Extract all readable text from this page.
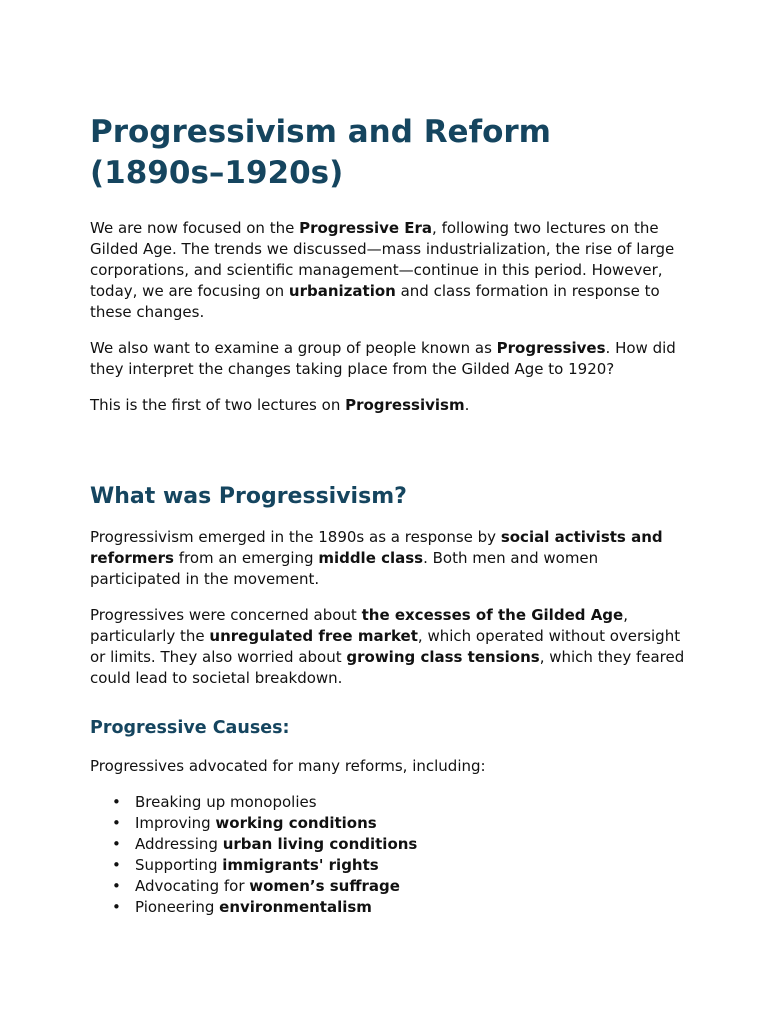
Progressivism and Reform (1890s–1920s)

We are now focused on the Progressive Era, following two lectures on the Gilded Age. The trends we discussed—mass industrialization, the rise of large corporations, and scientific management—continue in this period. However, today, we are focusing on urbanization and class formation in response to these changes.

We also want to examine a group of people known as Progressives. How did they interpret the changes taking place from the Gilded Age to 1920?

This is the first of two lectures on Progressivism.

What was Progressivism?

Progressivism emerged in the 1890s as a response by social activists and reformers from an emerging middle class. Both men and women participated in the movement.

Progressives were concerned about the excesses of the Gilded Age, particularly the unregulated free market, which operated without oversight or limits. They also worried about growing class tensions, which they feared could lead to societal breakdown.

Progressive Causes:

Progressives advocated for many reforms, including:

• Breaking up monopolies
• Improving working conditions
• Addressing urban living conditions
• Supporting immigrants' rights
• Advocating for women’s suffrage
• Pioneering environmentalism
